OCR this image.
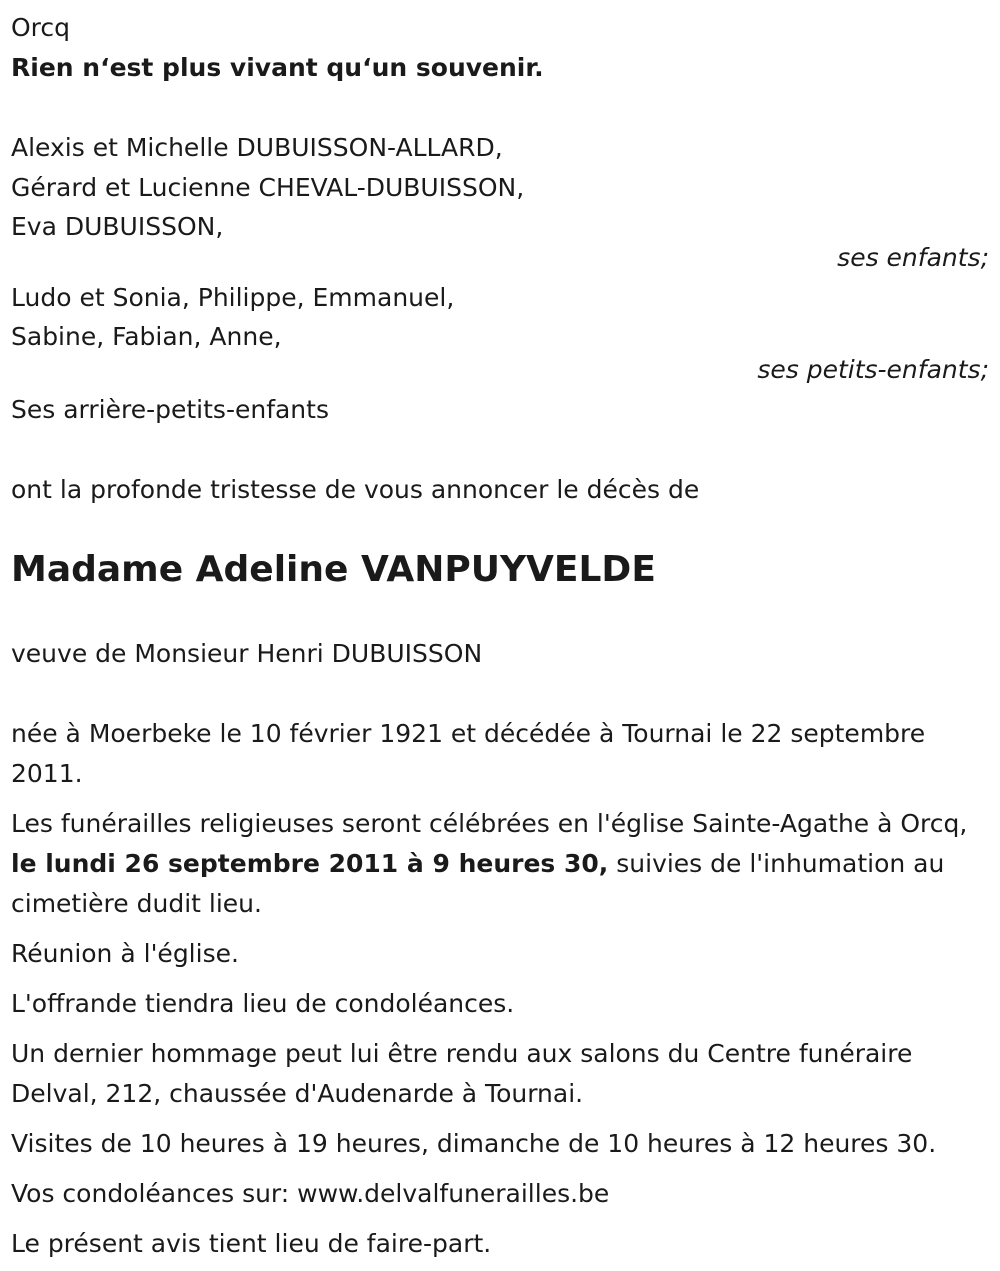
Orcq
Rien n‘est plus vivant qu‘un souvenir.
Alexis et Michelle DUBUISSON-ALLARD,
Gérard et Lucienne CHEVAL-DUBUISSON,
Eva DUBUISSON,
ses enfants;
Ludo et Sonia, Philippe, Emmanuel,
Sabine, Fabian, Anne,
ses petits-enfants;
Ses arrière-petits-enfants
ont la profonde tristesse de vous annoncer le décès de
Madame Adeline VANPUYVELDE
veuve de Monsieur Henri DUBUISSON
née à Moerbeke le 10 février 1921 et décédée à Tournai le 22 septembre 2011.
Les funérailles religieuses seront célébrées en l'église Sainte-Agathe à Orcq, le lundi 26 septembre 2011 à 9 heures 30, suivies de l'inhumation au cimetière dudit lieu.
Réunion à l'église.
L'offrande tiendra lieu de condoléances.
Un dernier hommage peut lui être rendu aux salons du Centre funéraire Delval, 212, chaussée d'Audenarde à Tournai.
Visites de 10 heures à 19 heures, dimanche de 10 heures à 12 heures 30.
Vos condoléances sur: www.delvalfunerailles.be
Le présent avis tient lieu de faire-part.
